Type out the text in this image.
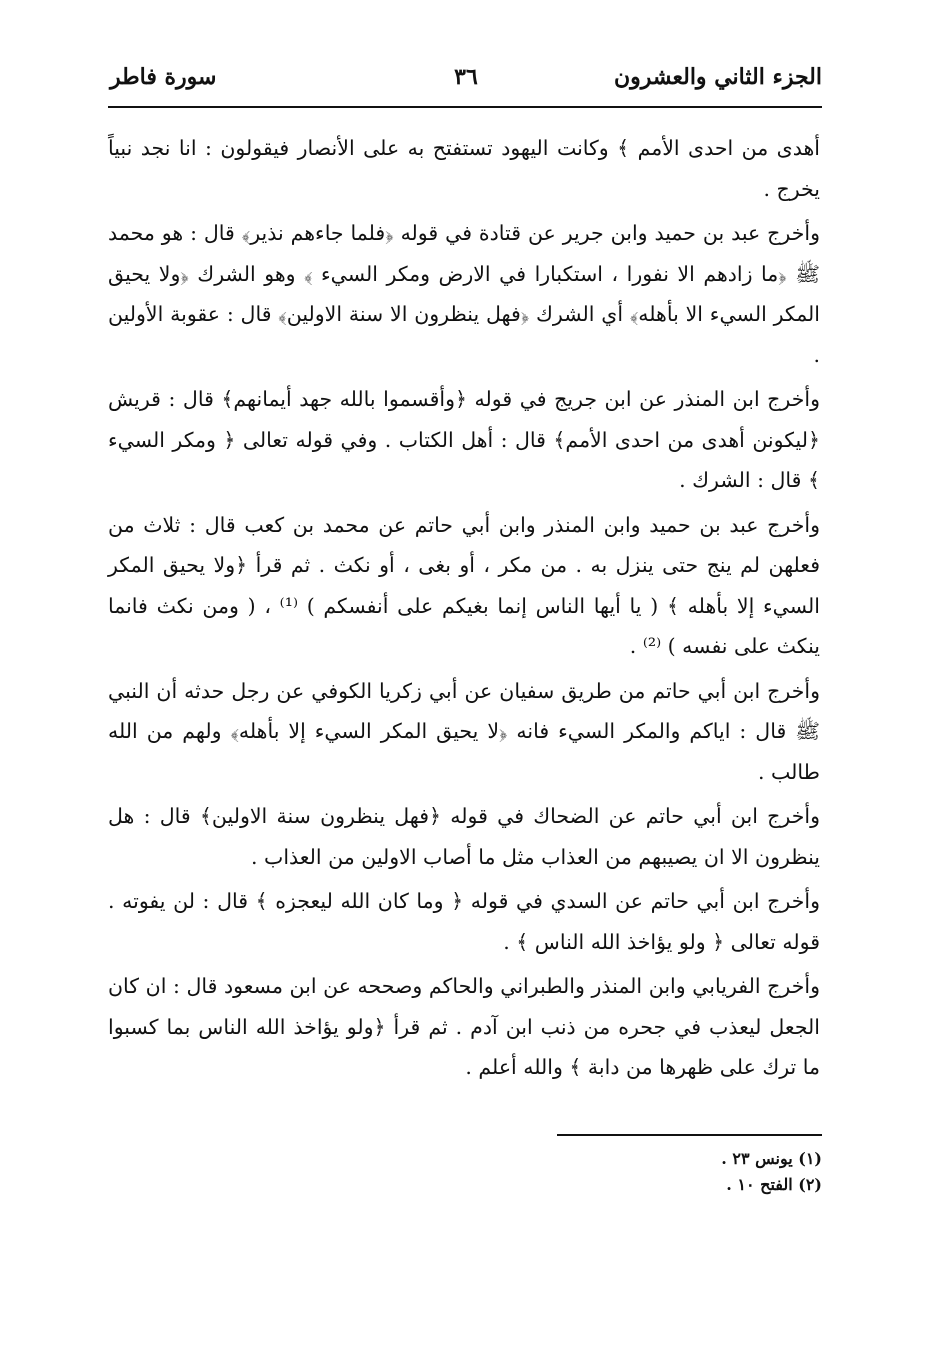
الجزء الثاني والعشرون
٣٦
سورة فاطر

أهدى من احدى الأمم ﴾ وكانت اليهود تستفتح به على الأنصار فيقولون : انا نجد نبياً يخرج .

وأخرج عبد بن حميد وابن جرير عن قتادة في قوله ﴿فلما جاءهم نذير﴾ قال : هو محمد ﷺ ﴿ما زادهم الا نفورا ، استكبارا في الارض ومكر السيء ﴾ وهو الشرك ﴿ولا يحيق المكر السيء الا بأهله﴾ أي الشرك ﴿فهل ينظرون الا سنة الاولين﴾ قال : عقوبة الأولين .

وأخرج ابن المنذر عن ابن جريج في قوله ﴿وأقسموا بالله جهد أيمانهم﴾ قال : قريش ﴿ليكونن أهدى من احدى الأمم﴾ قال : أهل الكتاب . وفي قوله تعالى ﴿ ومكر السيء ﴾ قال : الشرك .

وأخرج عبد بن حميد وابن المنذر وابن أبي حاتم عن محمد بن كعب قال : ثلاث من فعلهن لم ينج حتى ينزل به . من مكر ، أو بغى ، أو نكث . ثم قرأ ﴿ولا يحيق المكر السيء إلا بأهله ﴾ ( يا أيها الناس إنما بغيكم على أنفسكم ) ⁽¹⁾ ، ( ومن نكث فانما ينكث على نفسه ) ⁽²⁾ .

وأخرج ابن أبي حاتم من طريق سفيان عن أبي زكريا الكوفي عن رجل حدثه أن النبي ﷺ قال : اياكم والمكر السيء فانه ﴿لا يحيق المكر السيء إلا بأهله﴾ ولهم من الله طالب .

وأخرج ابن أبي حاتم عن الضحاك في قوله ﴿فهل ينظرون سنة الاولين﴾ قال : هل ينظرون الا ان يصيبهم من العذاب مثل ما أصاب الاولين من العذاب .

وأخرج ابن أبي حاتم عن السدي في قوله ﴿ وما كان الله ليعجزه ﴾ قال : لن يفوته . قوله تعالى ﴿ ولو يؤاخذ الله الناس ﴾ .

وأخرج الفريابي وابن المنذر والطبراني والحاكم وصححه عن ابن مسعود قال : ان كان الجعل ليعذب في جحره من ذنب ابن آدم . ثم قرأ ﴿ولو يؤاخذ الله الناس بما كسبوا ما ترك على ظهرها من دابة ﴾ والله أعلم .

(١) يونس ٢٣ .
(٢) الفتح ١٠ .
